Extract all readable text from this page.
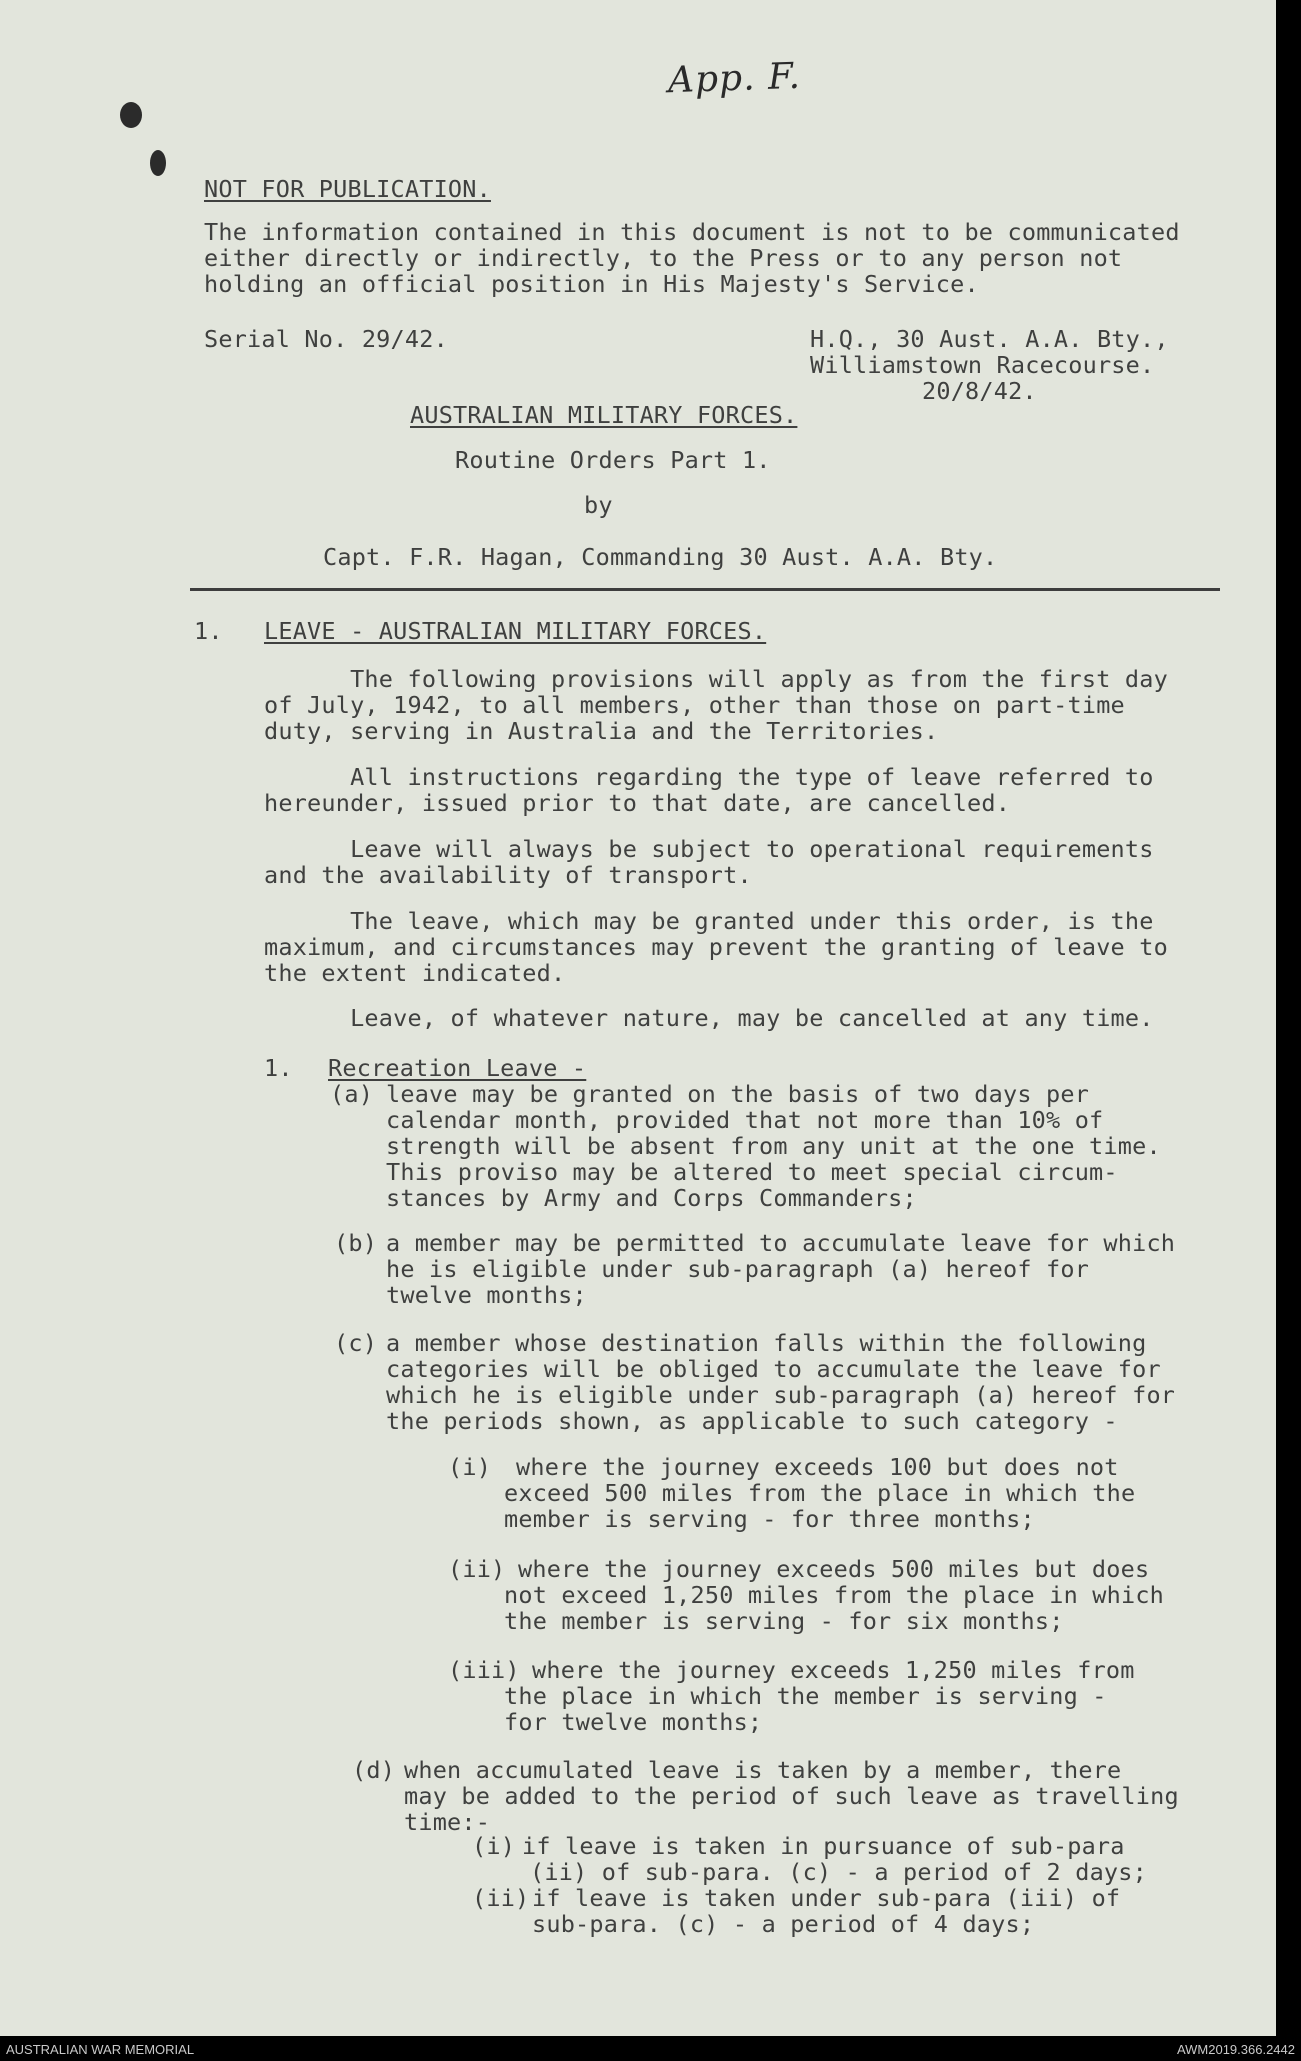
App. F.
NOT FOR PUBLICATION.
The information contained in this document is not to be communicated
either directly or indirectly, to the Press or to any person not
holding an official position in His Majesty's Service.
Serial No. 29/42.	H.Q., 30 Aust. A.A. Bty.,
Williamstown Racecourse.
20/8/42.
AUSTRALIAN MILITARY FORCES.
Routine Orders Part 1.
by
Capt. F.R. Hagan, Commanding 30 Aust. A.A. Bty.
1. LEAVE - AUSTRALIAN MILITARY FORCES.
The following provisions will apply as from the first day
of July, 1942, to all members, other than those on part-time
duty, serving in Australia and the Territories.
All instructions regarding the type of leave referred to
hereunder, issued prior to that date, are cancelled.
Leave will always be subject to operational requirements
and the availability of transport.
The leave, which may be granted under this order, is the
maximum, and circumstances may prevent the granting of leave to
the extent indicated.
Leave, of whatever nature, may be cancelled at any time.
1. Recreation Leave -
(a) leave may be granted on the basis of two days per
calendar month, provided that not more than 10% of
strength will be absent from any unit at the one time.
This proviso may be altered to meet special circum-
stances by Army and Corps Commanders;
(b) a member may be permitted to accumulate leave for which
he is eligible under sub-paragraph (a) hereof for
twelve months;
(c) a member whose destination falls within the following
categories will be obliged to accumulate the leave for
which he is eligible under sub-paragraph (a) hereof for
the periods shown, as applicable to such category -
(i) where the journey exceeds 100 but does not
exceed 500 miles from the place in which the
member is serving - for three months;
(ii) where the journey exceeds 500 miles but does
not exceed 1,250 miles from the place in which
the member is serving - for six months;
(iii) where the journey exceeds 1,250 miles from
the place in which the member is serving -
for twelve months;
(d) when accumulated leave is taken by a member, there
may be added to the period of such leave as travelling
time:-
(i) if leave is taken in pursuance of sub-para
(ii) of sub-para. (c) - a period of 2 days;
(ii) if leave is taken under sub-para (iii) of
sub-para. (c) - a period of 4 days;
AUSTRALIAN WAR MEMORIAL	AWM2019.366.2442
